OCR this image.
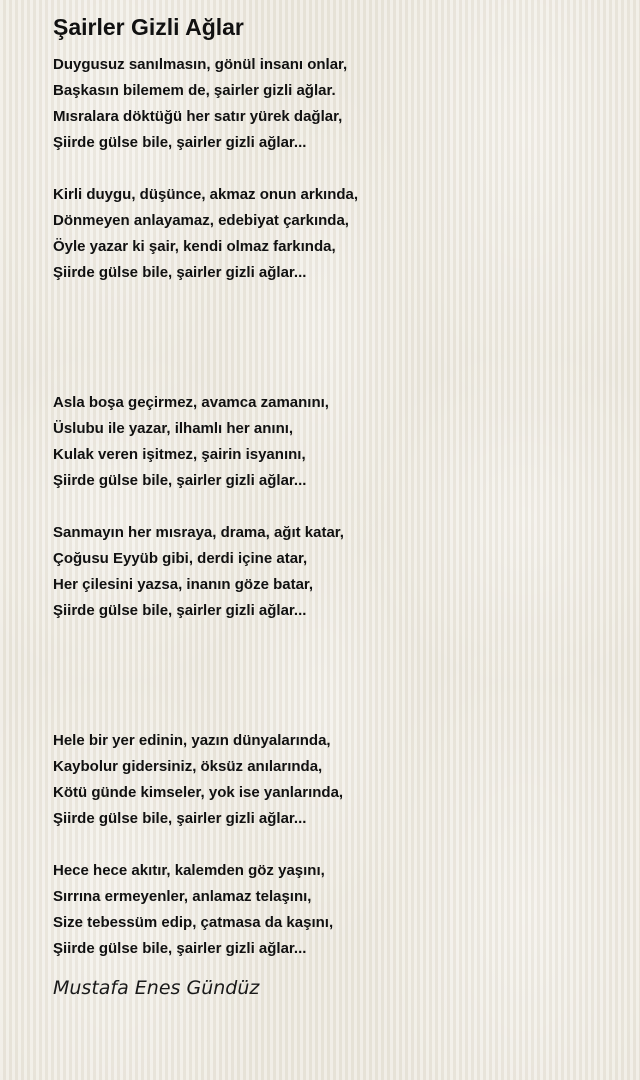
Şairler Gizli Ağlar
Duygusuz sanılmasın, gönül insanı onlar,
Başkasın bilemem de, şairler gizli ağlar.
Mısralara döktüğü her satır yürek dağlar,
Şiirde gülse bile, şairler gizli ağlar...
Kirli duygu, düşünce, akmaz onun arkında,
Dönmeyen anlayamaz, edebiyat çarkında,
Öyle yazar ki şair, kendi olmaz farkında,
Şiirde gülse bile, şairler gizli ağlar...
Asla boşa geçirmez, avamca zamanını,
Üslubu ile yazar, ilhamlı her anını,
Kulak veren işitmez, şairin isyanını,
Şiirde gülse bile, şairler gizli ağlar...
Sanmayın her mısraya, drama, ağıt katar,
Çoğusu Eyyüb gibi, derdi içine atar,
Her çilesini yazsa, inanın göze batar,
Şiirde gülse bile, şairler gizli ağlar...
Hele bir yer edinin, yazın dünyalarında,
Kaybolur gidersiniz, öksüz anılarında,
Kötü günde kimseler, yok ise yanlarında,
Şiirde gülse bile, şairler gizli ağlar...
Hece hece akıtır, kalemden göz yaşını,
Sırrına ermeyenler, anlamaz telaşını,
Size tebessüm edip, çatmasa da kaşını,
Şiirde gülse bile, şairler gizli ağlar...
Mustafa Enes Gündüz
